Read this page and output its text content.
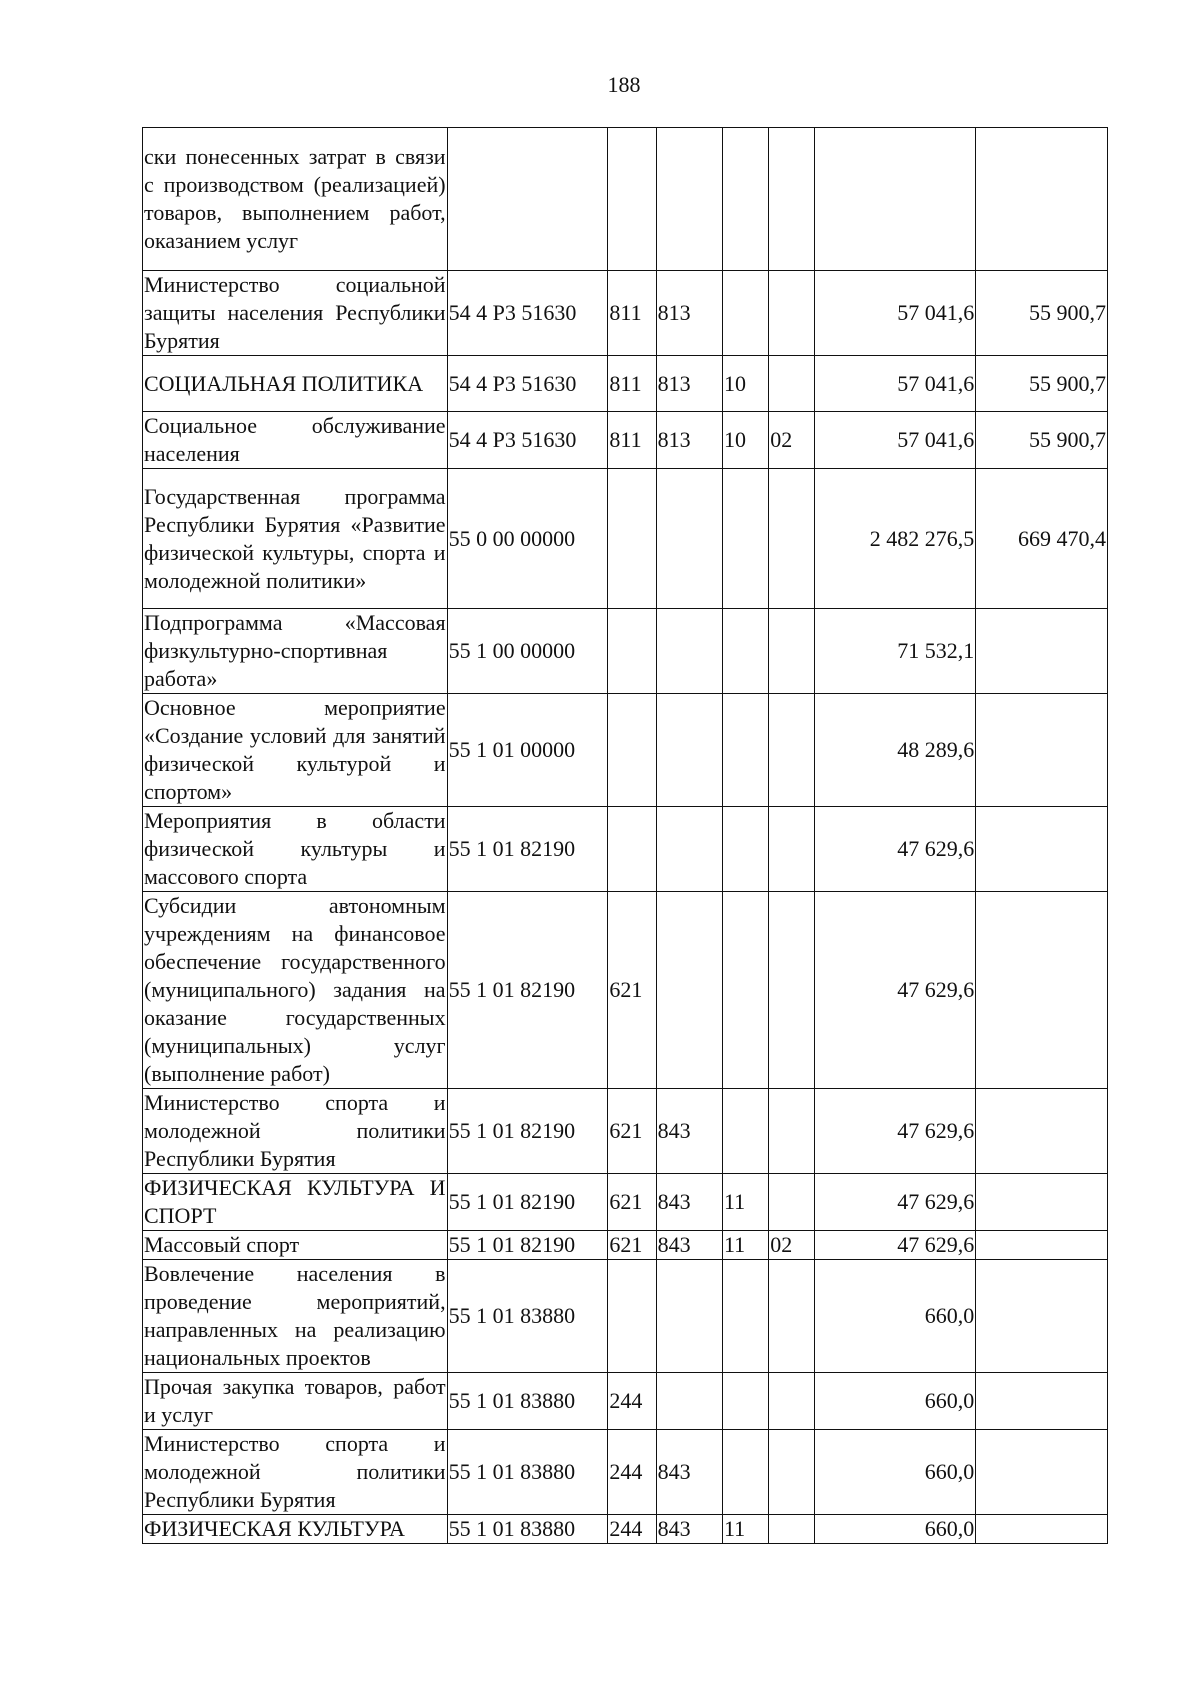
188
ски понесенных затрат в связи с производством (реализацией) товаров, выполнением работ, оказанием услуг							
Министерство социальной защиты населения Республики Бурятия	54 4 P3 51630	811	813			57 041,6	55 900,7
СОЦИАЛЬНАЯ ПОЛИТИКА	54 4 P3 51630	811	813	10		57 041,6	55 900,7
Социальное обслуживание населения	54 4 P3 51630	811	813	10	02	57 041,6	55 900,7
Государственная программа Республики Бурятия «Развитие физической культуры, спорта и молодежной политики»	55 0 00 00000					2 482 276,5	669 470,4
Подпрограмма «Массовая физкультурно-спортивная работа»	55 1 00 00000					71 532,1	
Основное мероприятие «Создание условий для занятий физической культурой и спортом»	55 1 01 00000					48 289,6	
Мероприятия в области физической культуры и массового спорта	55 1 01 82190					47 629,6	
Субсидии автономным учреждениям на финансовое обеспечение государственного (муниципального) задания на оказание государственных (муниципальных) услуг (выполнение работ)	55 1 01 82190	621				47 629,6	
Министерство спорта и молодежной политики Республики Бурятия	55 1 01 82190	621	843			47 629,6	
ФИЗИЧЕСКАЯ КУЛЬТУРА И СПОРТ	55 1 01 82190	621	843	11		47 629,6	
Массовый спорт	55 1 01 82190	621	843	11	02	47 629,6	
Вовлечение населения в проведение мероприятий, направленных на реализацию национальных проектов	55 1 01 83880					660,0	
Прочая закупка товаров, работ и услуг	55 1 01 83880	244				660,0	
Министерство спорта и молодежной политики Республики Бурятия	55 1 01 83880	244	843			660,0	
ФИЗИЧЕСКАЯ КУЛЬТУРА	55 1 01 83880	244	843	11		660,0	
